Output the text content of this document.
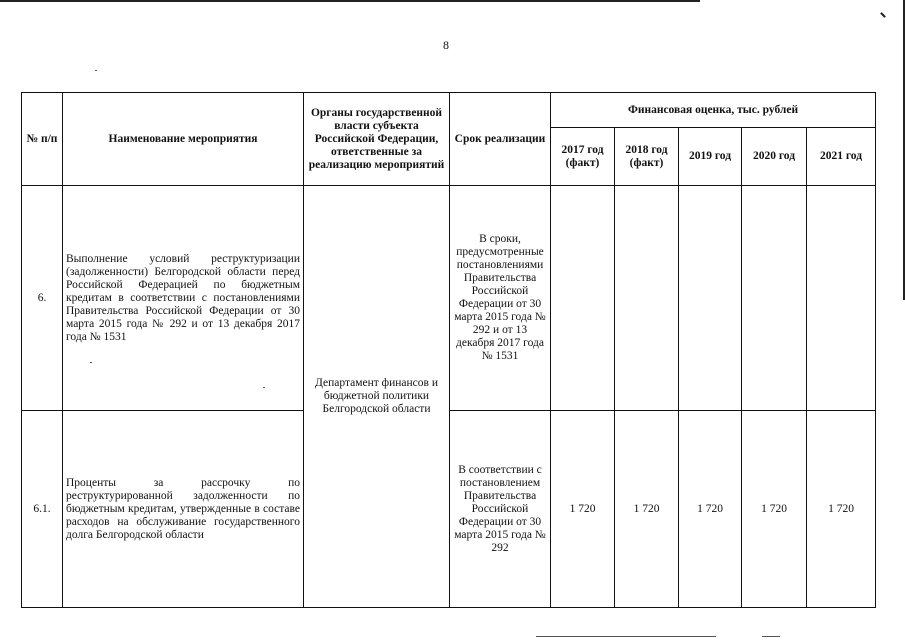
8
№ п/п	Наименование мероприятия	Органы государственной власти субъекта Российской Федерации, ответственные за реализацию мероприятий	Срок реализации	Финансовая оценка, тыс. рублей				
				2017 год (факт)	2018 год (факт)	2019 год	2020 год	2021 год
6.	Выполнение условий реструктуризации (задолженности) Белгородской области перед Российской Федерацией по бюджетным кредитам в соответствии с постановлениями Правительства Российской Федерации от 30 марта 2015 года № 292 и от 13 декабря 2017 года № 1531	Департамент финансов и бюджетной политики Белгородской области	В сроки, предусмотренные постановлениями Правительства Российской Федерации от 30 марта 2015 года № 292 и от 13 декабря 2017 года № 1531					
6.1.	Проценты за рассрочку по реструктурированной задолженности по бюджетным кредитам, утвержденные в составе расходов на обслуживание государственного долга Белгородской области		В соответствии с постановлением Правительства Российской Федерации от 30 марта 2015 года № 292	1 720	1 720	1 720	1 720	1 720
